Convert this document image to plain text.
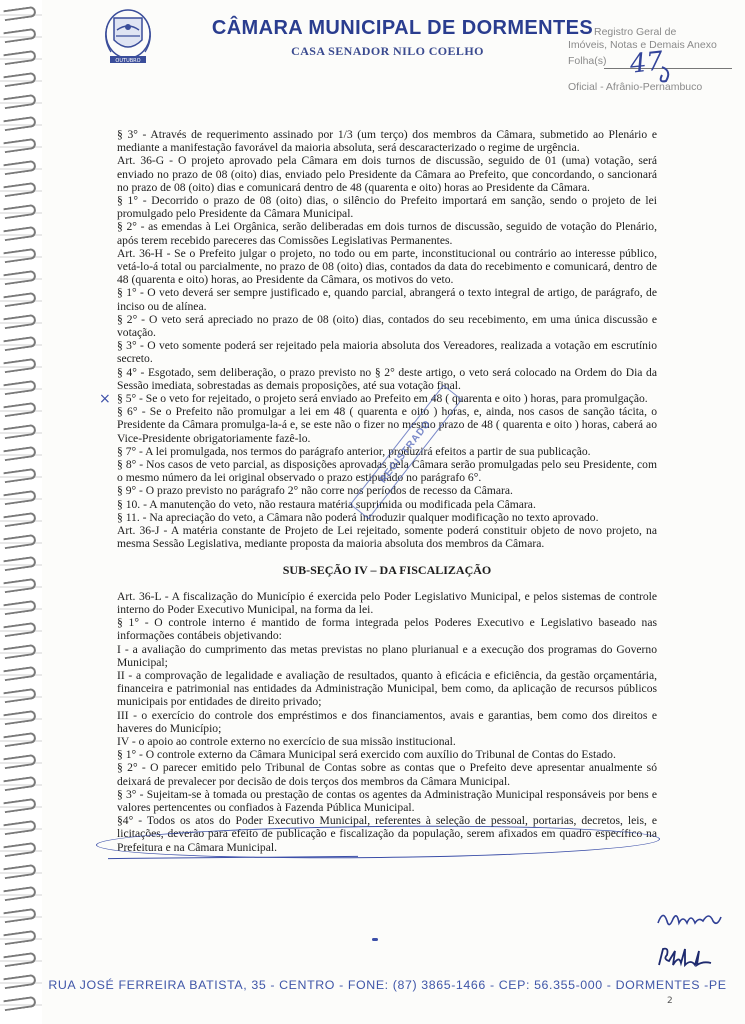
OUTUBRO
CÂMARA MUNICIPAL DE DORMENTES
CASA SENADOR NILO COELHO
Registro Geral de
Imóveis, Notas e Demais Anexo
Folha(s)
Oficial - Afrânio-Pernambuco
47

§ 3° - Através de requerimento assinado por 1/3 (um terço) dos membros da Câmara, submetido ao Plenário e mediante a manifestação favorável da maioria absoluta, será descaracterizado o regime de urgência.

Art. 36-G - O projeto aprovado pela Câmara em dois turnos de discussão, seguido de 01 (uma) votação, será enviado no prazo de 08 (oito) dias, enviado pelo Presidente da Câmara ao Prefeito, que concordando, o sancionará no prazo de 08 (oito) dias e comunicará dentro de 48 (quarenta e oito) horas ao Presidente da Câmara.

§ 1° - Decorrido o prazo de 08 (oito) dias, o silêncio do Prefeito importará em sanção, sendo o projeto de lei promulgado pelo Presidente da Câmara Municipal.

§ 2° - as emendas à Lei Orgânica, serão deliberadas em dois turnos de discussão, seguido de votação do Plenário, após terem recebido pareceres das Comissões Legislativas Permanentes.

Art. 36-H - Se o Prefeito julgar o projeto, no todo ou em parte, inconstitucional ou contrário ao interesse público, vetá-lo-á total ou parcialmente, no prazo de 08 (oito) dias, contados da data do recebimento e comunicará, dentro de 48 (quarenta e oito) horas, ao Presidente da Câmara, os motivos do veto.

§ 1° - O veto deverá ser sempre justificado e, quando parcial, abrangerá o texto integral de artigo, de parágrafo, de inciso ou de alínea.

§ 2° - O veto será apreciado no prazo de 08 (oito) dias, contados do seu recebimento, em uma única discussão e votação.

§ 3° - O veto somente poderá ser rejeitado pela maioria absoluta dos Vereadores, realizada a votação em escrutínio secreto.

§ 4° - Esgotado, sem deliberação, o prazo previsto no § 2° deste artigo, o veto será colocado na Ordem do Dia da Sessão imediata, sobrestadas as demais proposições, até sua votação final.

§ 5° - Se o veto for rejeitado, o projeto será enviado ao Prefeito em 48 ( quarenta e oito ) horas, para promulgação.

§ 6° - Se o Prefeito não promulgar a lei em 48 ( quarenta e oito ) horas, e, ainda, nos casos de sanção tácita, o Presidente da Câmara promulga-la-á e, se este não o fizer no mesmo prazo de 48 ( quarenta e oito ) horas, caberá ao Vice-Presidente obrigatoriamente fazê-lo.

§ 7° - A lei promulgada, nos termos do parágrafo anterior, produzirá efeitos a partir de sua publicação.

§ 8° - Nos casos de veto parcial, as disposições aprovadas pela Câmara serão promulgadas pelo seu Presidente, com o mesmo número da lei original observado o prazo estipulado no parágrafo 6°.

§ 9° - O prazo previsto no parágrafo 2° não corre nos períodos de recesso da Câmara.

§ 10. - A manutenção do veto, não restaura matéria suprimida ou modificada pela Câmara.

§ 11. - Na apreciação do veto, a Câmara não poderá introduzir qualquer modificação no texto aprovado.

Art. 36-J - A matéria constante de Projeto de Lei rejeitado, somente poderá constituir objeto de novo projeto, na mesma Sessão Legislativa, mediante proposta da maioria absoluta dos membros da Câmara.

SUB-SEÇÃO IV – DA FISCALIZAÇÃO

Art. 36-L - A fiscalização do Município é exercida pelo Poder Legislativo Municipal, e pelos sistemas de controle interno do Poder Executivo Municipal, na forma da lei.

§ 1° - O controle interno é mantido de forma integrada pelos Poderes Executivo e Legislativo baseado nas informações contábeis objetivando:

I - a avaliação do cumprimento das metas previstas no plano plurianual e a execução dos programas do Governo Municipal;

II - a comprovação de legalidade e avaliação de resultados, quanto à eficácia e eficiência, da gestão orçamentária, financeira e patrimonial nas entidades da Administração Municipal, bem como, da aplicação de recursos públicos municipais por entidades de direito privado;

III - o exercício do controle dos empréstimos e dos financiamentos, avais e garantias, bem como dos direitos e haveres do Município;

IV - o apoio ao controle externo no exercício de sua missão institucional.

§ 1° - O controle externo da Câmara Municipal será exercido com auxílio do Tribunal de Contas do Estado.

§ 2° - O parecer emitido pelo Tribunal de Contas sobre as contas que o Prefeito deve apresentar anualmente só deixará de prevalecer por decisão de dois terços dos membros da Câmara Municipal.

§ 3° - Sujeitam-se à tomada ou prestação de contas os agentes da Administração Municipal responsáveis por bens e valores pertencentes ou confiados à Fazenda Pública Municipal.

§4° - Todos os atos do Poder Executivo Municipal, referentes à seleção de pessoal, portarias, decretos, leis, e licitações, deverão para efeito de publicação e fiscalização da população, serem afixados em quadro específico na Prefeitura e na Câmara Municipal.

×
REGISTRADO
RUA JOSÉ FERREIRA BATISTA, 35 - CENTRO - FONE: (87) 3865-1466 - CEP: 56.355-000 - DORMENTES -PE
2
